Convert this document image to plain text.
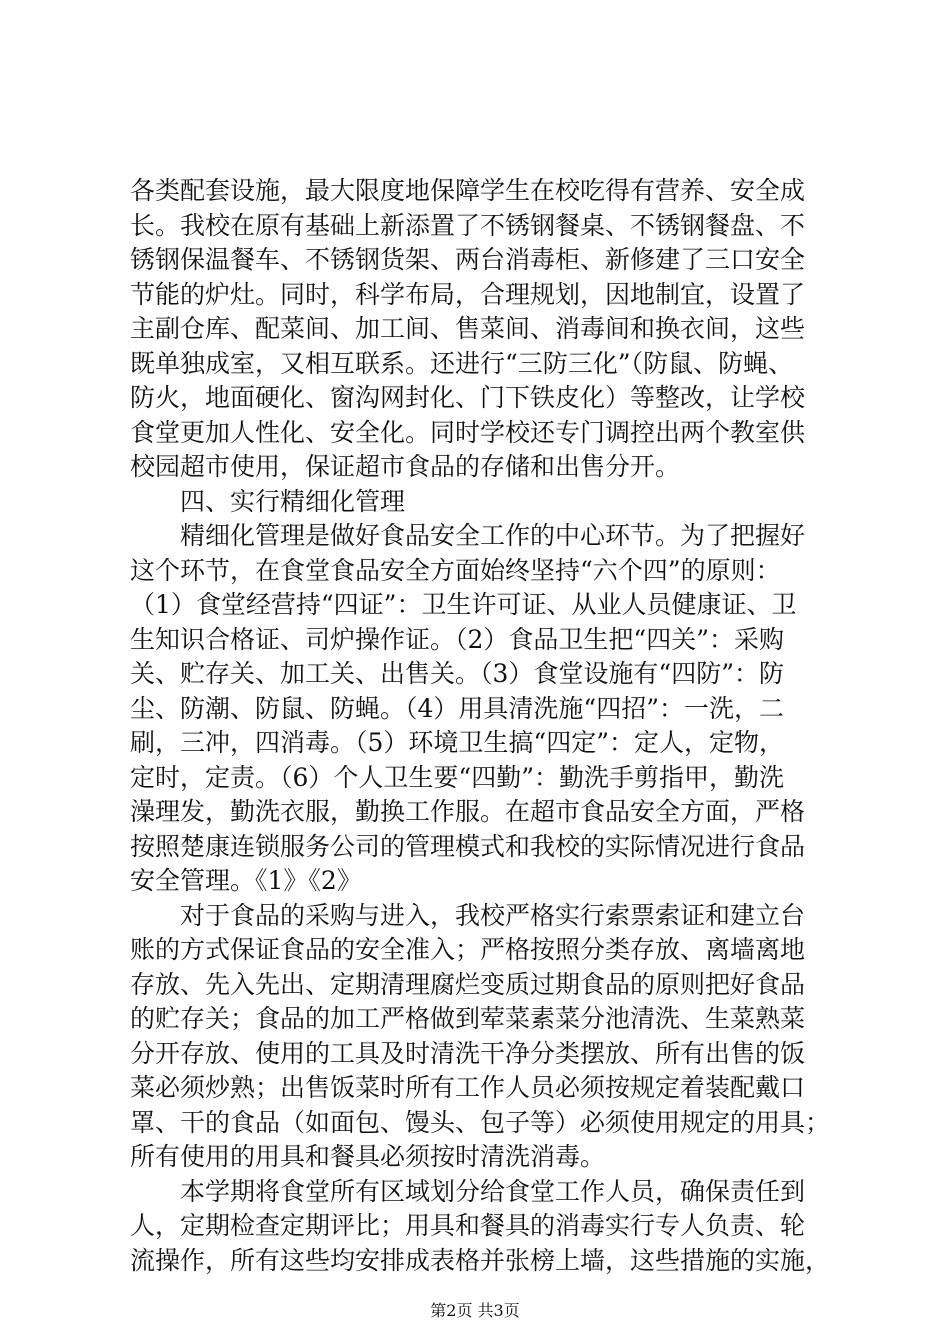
各类配套设施，最大限度地保障学生在校吃得有营养、安全成
长。我校在原有基础上新添置了不锈钢餐桌、不锈钢餐盘、不
锈钢保温餐车、不锈钢货架、两台消毒柜、新修建了三口安全
节能的炉灶。同时，科学布局，合理规划，因地制宜，设置了
主副仓库、配菜间、加工间、售菜间、消毒间和换衣间，这些
既单独成室，又相互联系。还进行“三防三化”（防鼠、防蝇、
防火，地面硬化、窗沟网封化、门下铁皮化）等整改，让学校
食堂更加人性化、安全化。同时学校还专门调控出两个教室供
校园超市使用，保证超市食品的存储和出售分开。
　　四、实行精细化管理
　　精细化管理是做好食品安全工作的中心环节。为了把握好
这个环节，在食堂食品安全方面始终坚持“六个四”的原则：
（1）食堂经营持“四证”：卫生许可证、从业人员健康证、卫
生知识合格证、司炉操作证。（2）食品卫生把“四关”：采购
关、贮存关、加工关、出售关。（3）食堂设施有“四防”：防
尘、防潮、防鼠、防蝇。（4）用具清洗施“四招”：一洗，二
刷，三冲，四消毒。（5）环境卫生搞“四定”：定人，定物，
定时，定责。（6）个人卫生要“四勤”：勤洗手剪指甲，勤洗
澡理发，勤洗衣服，勤换工作服。在超市食品安全方面，严格
按照楚康连锁服务公司的管理模式和我校的实际情况进行食品
安全管理。《1》《2》
　　对于食品的采购与进入，我校严格实行索票索证和建立台
账的方式保证食品的安全准入；严格按照分类存放、离墙离地
存放、先入先出、定期清理腐烂变质过期食品的原则把好食品
的贮存关；食品的加工严格做到荤菜素菜分池清洗、生菜熟菜
分开存放、使用的工具及时清洗干净分类摆放、所有出售的饭
菜必须炒熟；出售饭菜时所有工作人员必须按规定着装配戴口
罩、干的食品（如面包、馒头、包子等）必须使用规定的用具；
所有使用的用具和餐具必须按时清洗消毒。
　　本学期将食堂所有区域划分给食堂工作人员，确保责任到
人，定期检查定期评比；用具和餐具的消毒实行专人负责、轮
流操作，所有这些均安排成表格并张榜上墙，这些措施的实施，
第2页 共3页
